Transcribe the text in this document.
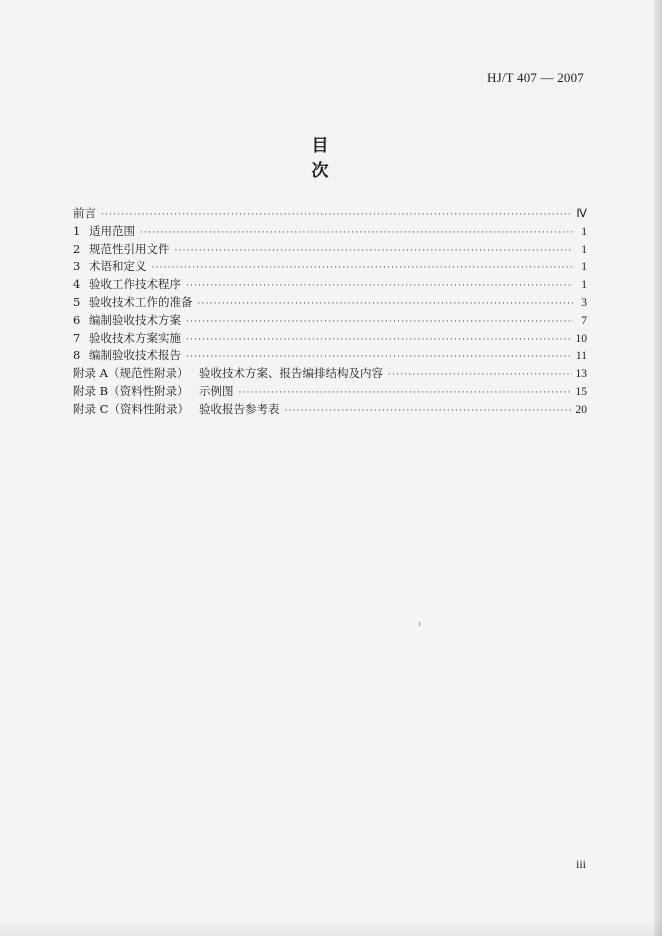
HJ/T 407 — 2007
目　次
前言 ·····	Ⅳ
1 适用范围 ·····	1
2 规范性引用文件 ·····	1
3 术语和定义 ·····	1
4 验收工作技术程序 ·····	1
5 验收技术工作的准备 ·····	3
6 编制验收技术方案 ·····	7
7 验收技术方案实施 ·····	10
8 编制验收技术报告 ·····	11
附录 A（规范性附录） 验收技术方案、报告编排结构及内容 ·····	13
附录 B（资料性附录） 示例图 ·····	15
附录 C（资料性附录） 验收报告参考表 ·····	20
iii
